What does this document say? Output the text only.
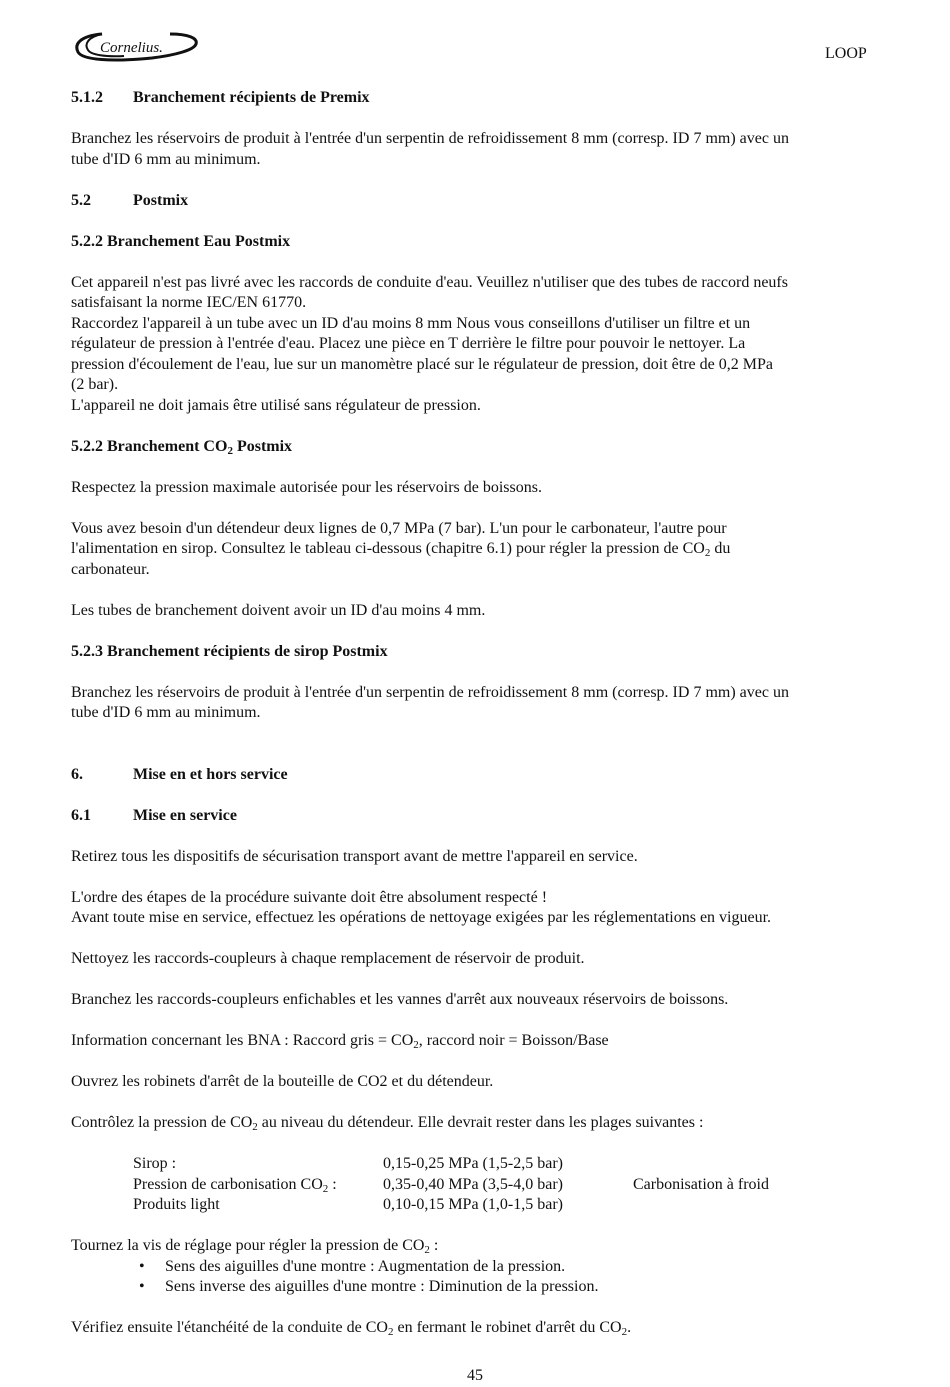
Cornelius.	LOOP

5.1.2 Branchement récipients de Premix

Branchez les réservoirs de produit à l'entrée d'un serpentin de refroidissement 8 mm (corresp. ID 7 mm) avec un
tube d'ID 6 mm au minimum.

5.2	Postmix

5.2.2 Branchement Eau Postmix

Cet appareil n'est pas livré avec les raccords de conduite d'eau. Veuillez n'utiliser que des tubes de raccord neufs
satisfaisant la norme IEC/EN 61770.
Raccordez l'appareil à un tube avec un ID d'au moins 8 mm Nous vous conseillons d'utiliser un filtre et un
régulateur de pression à l'entrée d'eau. Placez une pièce en T derrière le filtre pour pouvoir le nettoyer. La
pression d'écoulement de l'eau, lue sur un manomètre placé sur le régulateur de pression, doit être de 0,2 MPa
(2 bar).
L'appareil ne doit jamais être utilisé sans régulateur de pression.

5.2.2 Branchement $CO_2$ Postmix

Respectez la pression maximale autorisée pour les réservoirs de boissons.

Vous avez besoin d'un détendeur deux lignes de 0,7 MPa (7 bar). L'un pour le carbonateur, l'autre pour
l'alimentation en sirop. Consultez le tableau ci-dessous (chapitre 6.1) pour régler la pression de $CO_2$ du
carbonateur.

Les tubes de branchement doivent avoir un ID d'au moins 4 mm.

5.2.3 Branchement récipients de sirop Postmix

Branchez les réservoirs de produit à l'entrée d'un serpentin de refroidissement 8 mm (corresp. ID 7 mm) avec un
tube d'ID 6 mm au minimum.

6.	Mise en et hors service

6.1	Mise en service

Retirez tous les dispositifs de sécurisation transport avant de mettre l'appareil en service.

L'ordre des étapes de la procédure suivante doit être absolument respecté !
Avant toute mise en service, effectuez les opérations de nettoyage exigées par les réglementations en vigueur.

Nettoyez les raccords-coupleurs à chaque remplacement de réservoir de produit.

Branchez les raccords-coupleurs enfichables et les vannes d'arrêt aux nouveaux réservoirs de boissons.

Information concernant les BNA : Raccord gris = $CO_2$, raccord noir = Boisson/Base

Ouvrez les robinets d'arrêt de la bouteille de CO2 et du détendeur.

Contrôlez la pression de $CO_2$ au niveau du détendeur. Elle devrait rester dans les plages suivantes :

Sirop :	0,15-0,25 MPa (1,5-2,5 bar)
Pression de carbonisation $CO_2$ :	0,35-0,40 MPa (3,5-4,0 bar)	Carbonisation à froid
Produits light	0,10-0,15 MPa (1,0-1,5 bar)

Tournez la vis de réglage pour régler la pression de $CO_2$ :

• Sens des aiguilles d'une montre : Augmentation de la pression.
• Sens inverse des aiguilles d'une montre : Diminution de la pression.

Vérifiez ensuite l'étanchéité de la conduite de $CO_2$ en fermant le robinet d'arrêt du $CO_2$.

45
